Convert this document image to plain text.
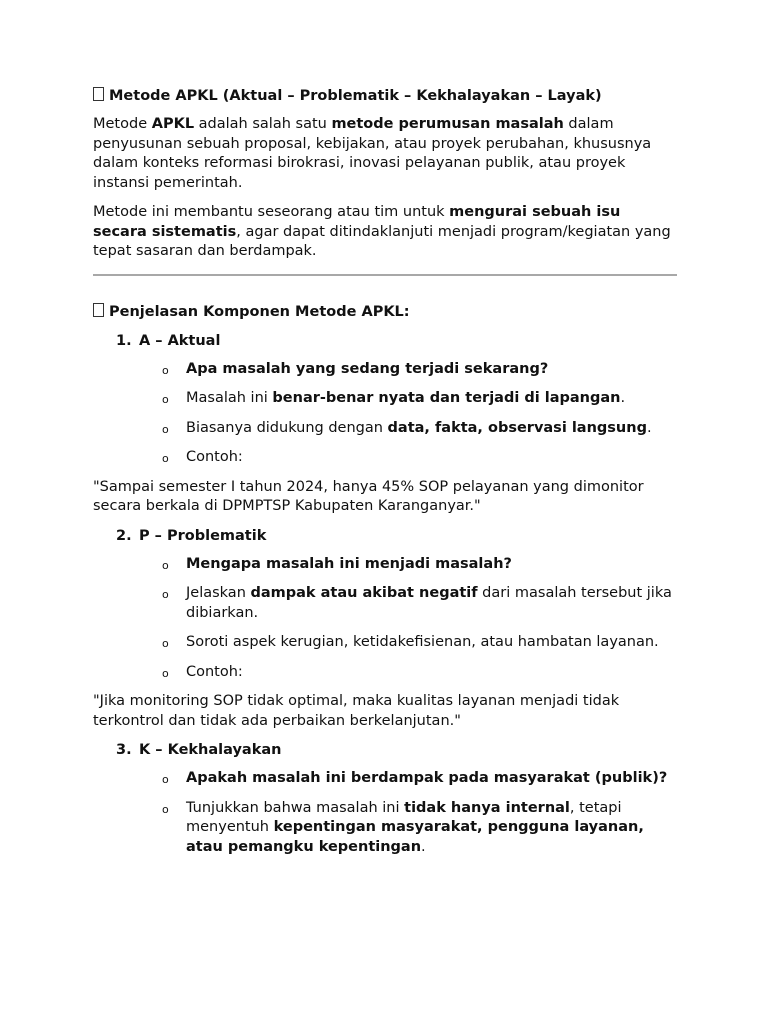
Metode APKL (Aktual – Problematik – Kekhalayakan – Layak)

Metode APKL adalah salah satu metode perumusan masalah dalam penyusunan sebuah proposal, kebijakan, atau proyek perubahan, khususnya dalam konteks reformasi birokrasi, inovasi pelayanan publik, atau proyek instansi pemerintah.

Metode ini membantu seseorang atau tim untuk mengurai sebuah isu secara sistematis, agar dapat ditindaklanjuti menjadi program/kegiatan yang tepat sasaran dan berdampak.

Penjelasan Komponen Metode APKL:
1. A – Aktual
o Apa masalah yang sedang terjadi sekarang?
o Masalah ini benar-benar nyata dan terjadi di lapangan.
o Biasanya didukung dengan data, fakta, observasi langsung.
o Contoh:

"Sampai semester I tahun 2024, hanya 45% SOP pelayanan yang dimonitor secara berkala di DPMPTSP Kabupaten Karanganyar."

2. P – Problematik
o Mengapa masalah ini menjadi masalah?
o Jelaskan dampak atau akibat negatif dari masalah tersebut jika dibiarkan.
o Soroti aspek kerugian, ketidakefisienan, atau hambatan layanan.
o Contoh:

"Jika monitoring SOP tidak optimal, maka kualitas layanan menjadi tidak terkontrol dan tidak ada perbaikan berkelanjutan."

3. K – Kekhalayakan
o Apakah masalah ini berdampak pada masyarakat (publik)?
o Tunjukkan bahwa masalah ini tidak hanya internal, tetapi menyentuh kepentingan masyarakat, pengguna layanan, atau pemangku kepentingan.
